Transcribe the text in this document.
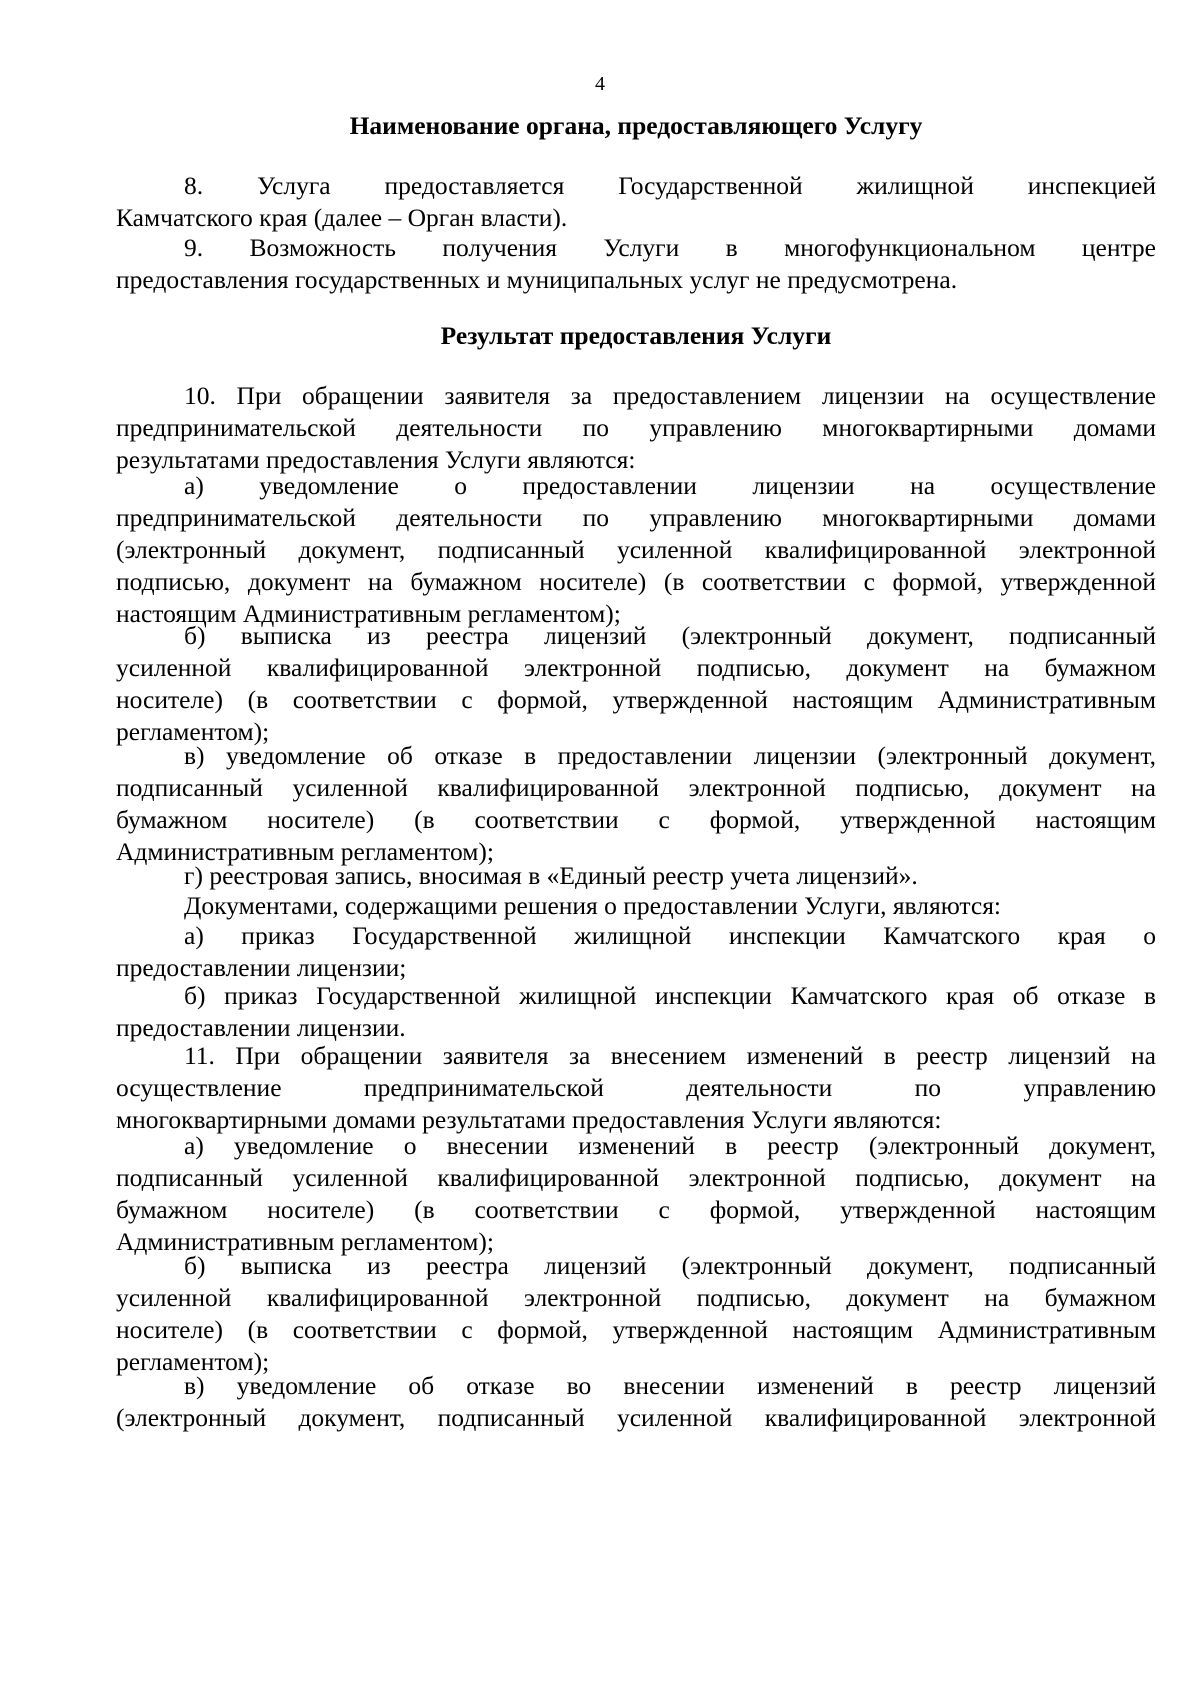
4
Наименование органа, предоставляющего Услугу
8. Услуга предоставляется Государственной жилищной инспекцией
Камчатского края (далее – Орган власти).
9. Возможность получения Услуги в многофункциональном центре
предоставления государственных и муниципальных услуг не предусмотрена.
Результат предоставления Услуги
10. При обращении заявителя за предоставлением лицензии на осуществление
предпринимательской деятельности по управлению многоквартирными домами
результатами предоставления Услуги являются:
а) уведомление о предоставлении лицензии на осуществление
предпринимательской деятельности по управлению многоквартирными домами
(электронный документ, подписанный усиленной квалифицированной электронной
подписью, документ на бумажном носителе) (в соответствии с формой, утвержденной
настоящим Административным регламентом);
б) выписка из реестра лицензий (электронный документ, подписанный
усиленной квалифицированной электронной подписью, документ на бумажном
носителе) (в соответствии с формой, утвержденной настоящим Административным
регламентом);
в) уведомление об отказе в предоставлении лицензии (электронный документ,
подписанный усиленной квалифицированной электронной подписью, документ на
бумажном носителе) (в соответствии с формой, утвержденной настоящим
Административным регламентом);
г) реестровая запись, вносимая в «Единый реестр учета лицензий».
Документами, содержащими решения о предоставлении Услуги, являются:
а) приказ Государственной жилищной инспекции Камчатского края о
предоставлении лицензии;
б) приказ Государственной жилищной инспекции Камчатского края об отказе в
предоставлении лицензии.
11. При обращении заявителя за внесением изменений в реестр лицензий на
осуществление предпринимательской деятельности по управлению
многоквартирными домами результатами предоставления Услуги являются:
а) уведомление о внесении изменений в реестр (электронный документ,
подписанный усиленной квалифицированной электронной подписью, документ на
бумажном носителе) (в соответствии с формой, утвержденной настоящим
Административным регламентом);
б) выписка из реестра лицензий (электронный документ, подписанный
усиленной квалифицированной электронной подписью, документ на бумажном
носителе) (в соответствии с формой, утвержденной настоящим Административным
регламентом);
в) уведомление об отказе во внесении изменений в реестр лицензий
(электронный документ, подписанный усиленной квалифицированной электронной
